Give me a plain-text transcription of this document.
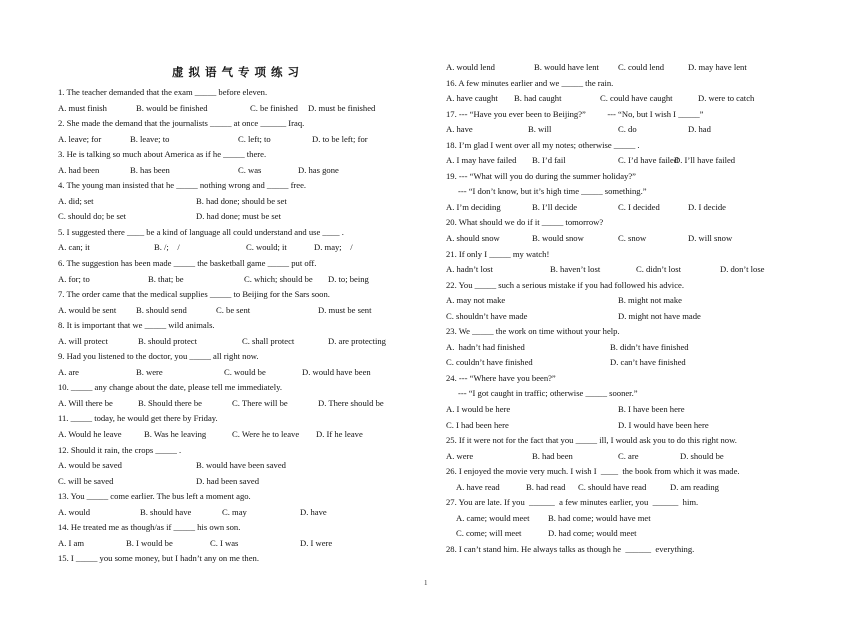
虚拟语气专项练习
1. The teacher demanded that the exam _____ before eleven.
A. must finish	B. would be finished	C. be finished D. must be finished
2. She made the demand that the journalists _____ at once ______ Iraq.
A. leave; for	B. leave; to	C. left; to	D. to be left; for
3. He is talking so much about America as if he _____ there.
A. had been	B. has been	C. was	D. has gone
4. The young man insisted that he _____ nothing wrong and _____ free.
A. did; set	B. had done; should be set
C. should do; be set	D. had done; must be set
5. I suggested there ____ be a kind of language all could understand and use ____ .
A. can; it	B. /;    /	C. would; it	D. may;    /
6. The suggestion has been made _____ the basketball game _____ put off.
A. for; to	B. that; be	C. which; should be D. to; being
7. The order came that the medical supplies _____ to Beijing for the Sars soon.
A. would be sent B. should send	C. be sent	D. must be sent
8. It is important that we _____ wild animals.
A. will protect	B. should protect	C. shall protect	D. are protecting
9. Had you listened to the doctor, you _____ all right now.
A. are	B. were	C. would be	D. would have been
10. _____ any change about the date, please tell me immediately.
A. Will there be	B. Should there be	C. There will be	D. There should be
11. _____ today, he would get there by Friday.
A. Would he leave	B. Was he leaving	C. Were he to leave D. If he leave
12. Should it rain, the crops _____ .
A. would be saved	B. would have been saved
C. will be saved	D. had been saved
13. You _____ come earlier. The bus left a moment ago.
A. would	B. should have	C. may	D. have
14. He treated me as though/as if _____ his own son.
A. I am	B. I would be	C. I was	D. I were
15. I _____ you some money, but I hadn’t any on me then.
A. would lend	B. would have lent C. could lend	D. may have lent
16. A few minutes earlier and we _____ the rain.
A. have caught B. had caught	C. could have caught	D. were to catch
17. --- “Have you ever been to Beijing?”          --- “No, but I wish I _____”
A. have	B. will	C. do	D. had
18. I’m glad I went over all my notes; otherwise _____ .
A. I may have failed B. I’d fail	C. I’d have failed
D. I’ll have failed
19. --- “What will you do during the summer holiday?”
--- “I don’t know, but it’s high time _____ something.”
A. I’m deciding	B. I’ll decide	C. I decided	D. I decide
20. What should we do if it _____ tomorrow?
A. should snow	B. would snow	C. snow	D. will snow
21. If only I _____ my watch!
A. hadn’t lost	B. haven’t lost	C. didn’t lost	D. don’t lose
22. You _____ such a serious mistake if you had followed his advice.
A. may not make	B. might not make
C. shouldn’t have made	D. might not have made
23. We _____ the work on time without your help.
A.  hadn’t had finished	B. didn’t have finished
C. couldn’t have finished	D. can’t have finished
24. --- “Where have you been?”
--- “I got caught in traffic; otherwise _____ sooner.”
A. I would be here	B. I have been here
C. I had been here	D. I would have been here
25. If it were not for the fact that you _____ ill, I would ask you to do this right now.
A. were	B. had been	C. are	D. should be
26. I enjoyed the movie very much. I wish I  ____  the book from which it was made.
A. have read	B. had read C. should have read	D. am reading
27. You are late. If you  ______  a few minutes earlier, you  ______  him.
A. came; would meet B. had come; would have met
C. come; will meet	D. had come; would meet
28. I can’t stand him. He always talks as though he  ______  everything.
1
